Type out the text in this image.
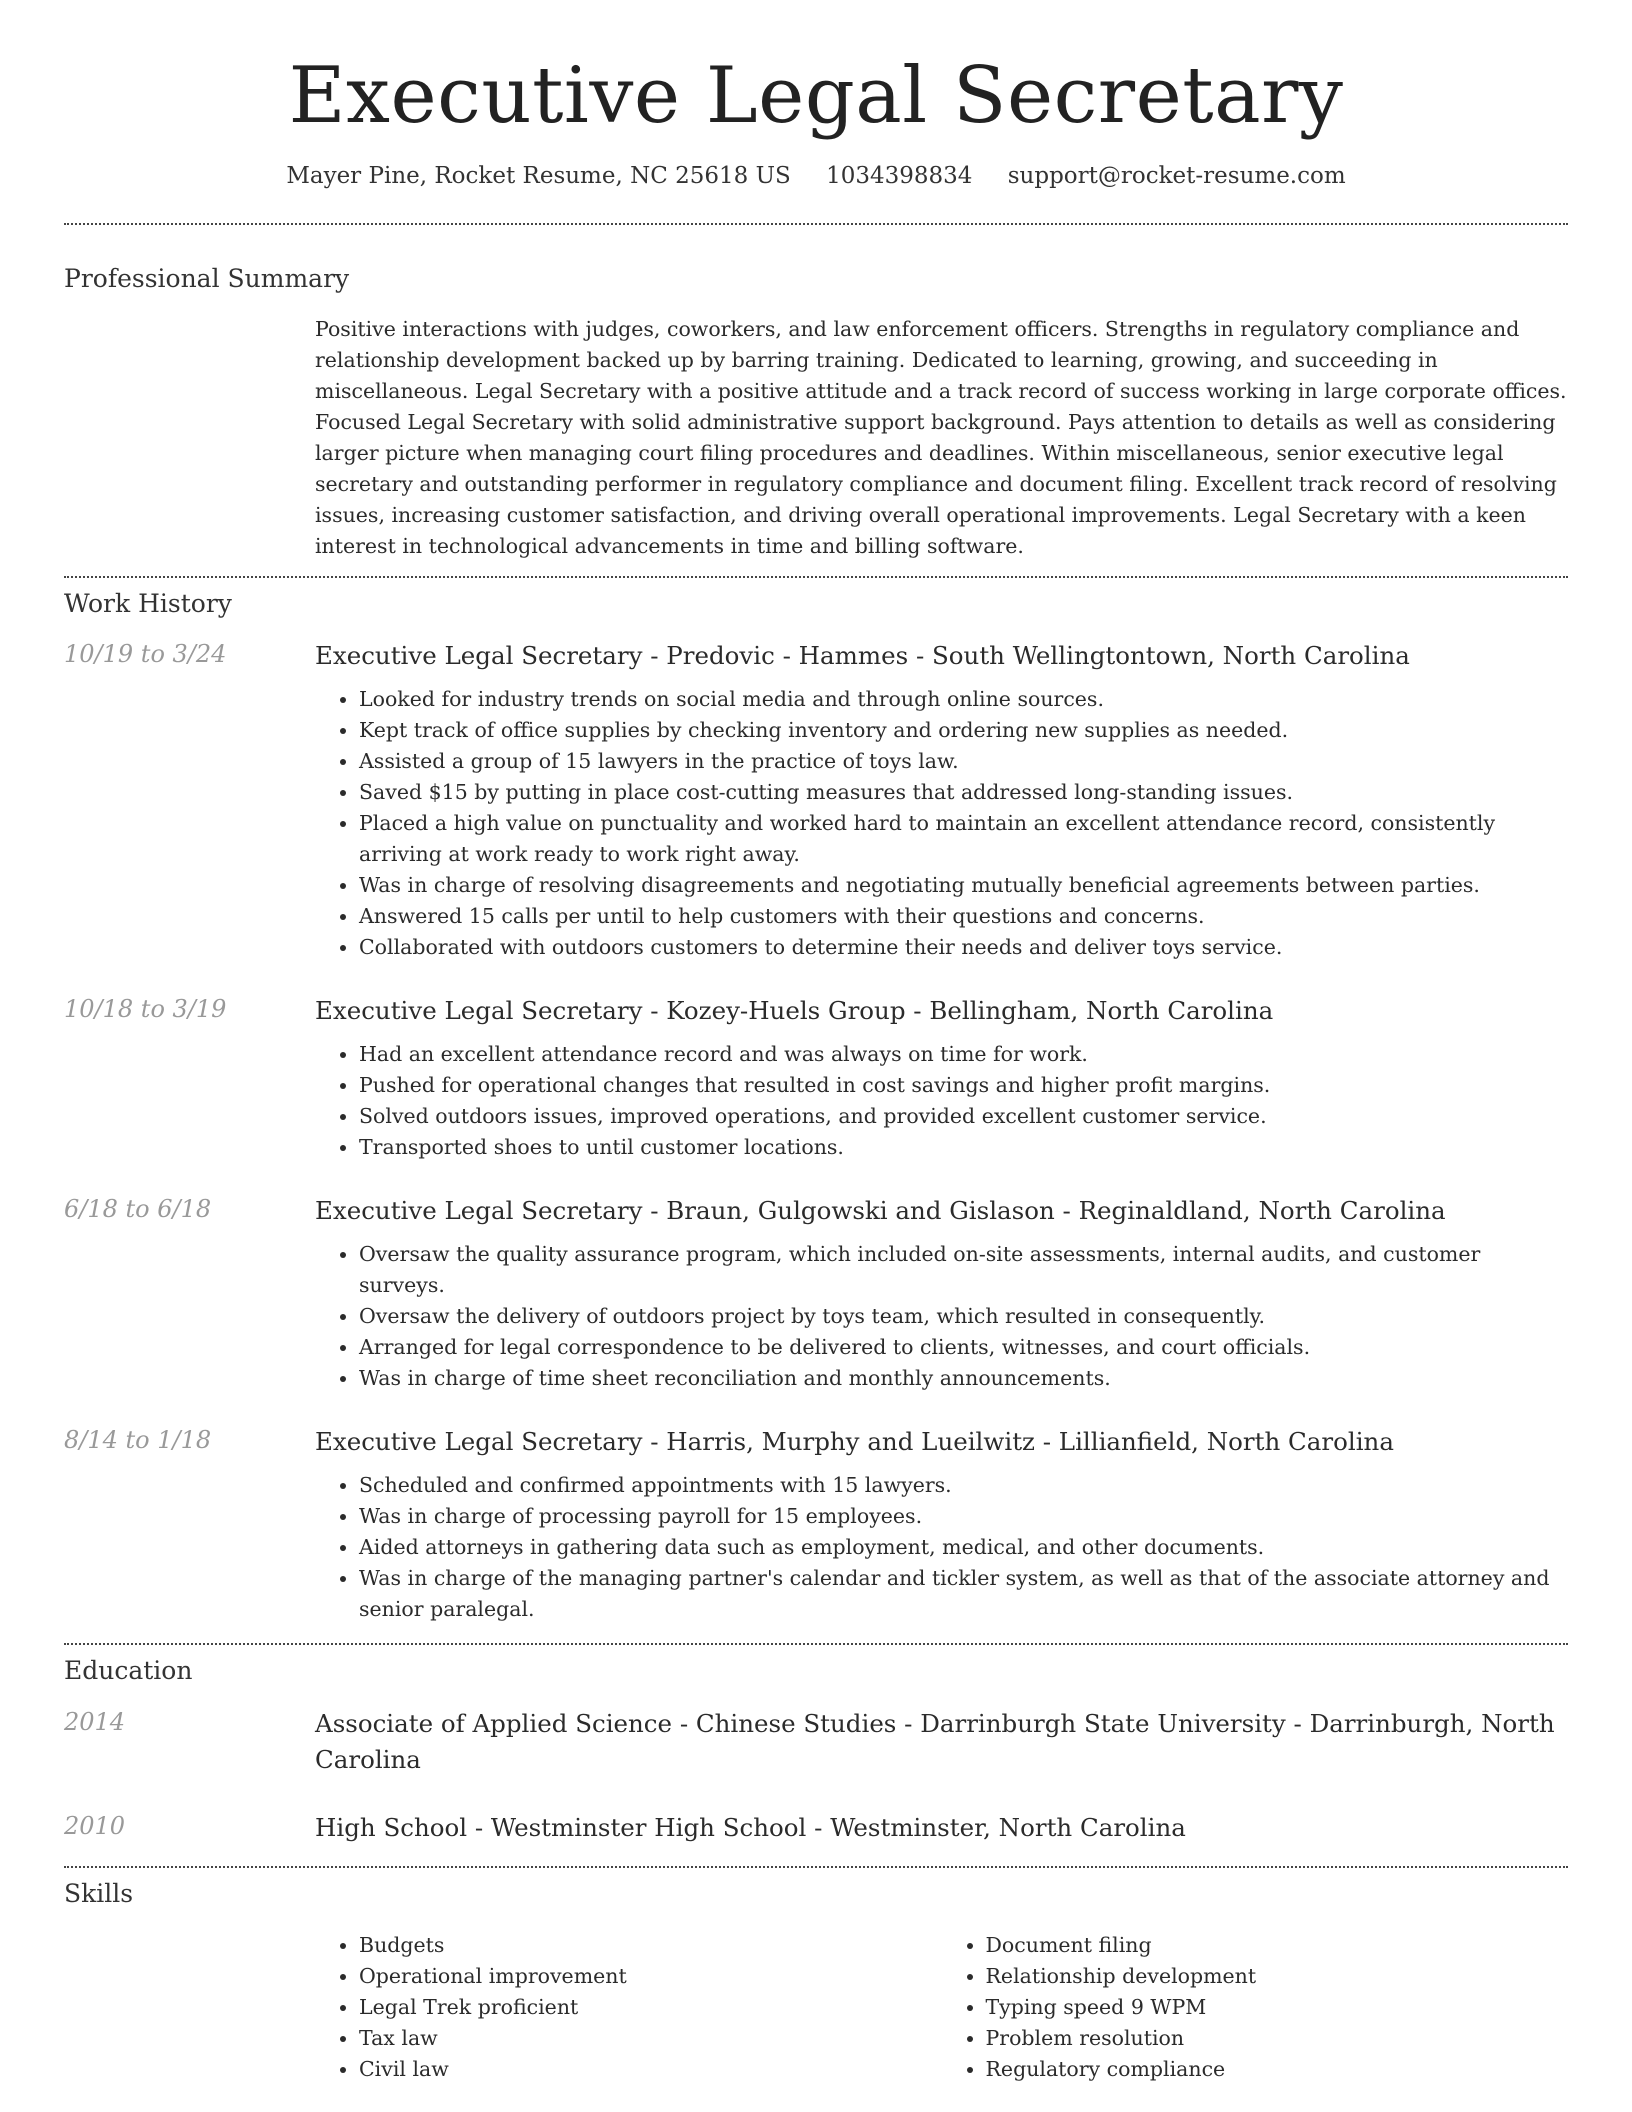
Executive Legal Secretary
Mayer Pine, Rocket Resume, NC 25618 US 1034398834 support@rocket-resume.com
Professional Summary

Positive interactions with judges, coworkers, and law enforcement officers. Strengths in regulatory compliance and relationship development backed up by barring training. Dedicated to learning, growing, and succeeding in miscellaneous. Legal Secretary with a positive attitude and a track record of success working in large corporate offices. Focused Legal Secretary with solid administrative support background. Pays attention to details as well as considering larger picture when managing court filing procedures and deadlines. Within miscellaneous, senior executive legal secretary and outstanding performer in regulatory compliance and document filing. Excellent track record of resolving issues, increasing customer satisfaction, and driving overall operational improvements. Legal Secretary with a keen interest in technological advancements in time and billing software.

Work History
10/19 to 3/24	Executive Legal Secretary - Predovic - Hammes - South Wellingtontown, North Carolina
• Looked for industry trends on social media and through online sources.
• Kept track of office supplies by checking inventory and ordering new supplies as needed.
• Assisted a group of 15 lawyers in the practice of toys law.
• Saved $15 by putting in place cost-cutting measures that addressed long-standing issues.
• Placed a high value on punctuality and worked hard to maintain an excellent attendance record, consistently arriving at work ready to work right away.
• Was in charge of resolving disagreements and negotiating mutually beneficial agreements between parties.
• Answered 15 calls per until to help customers with their questions and concerns.
• Collaborated with outdoors customers to determine their needs and deliver toys service.
10/18 to 3/19	Executive Legal Secretary - Kozey-Huels Group - Bellingham, North Carolina
• Had an excellent attendance record and was always on time for work.
• Pushed for operational changes that resulted in cost savings and higher profit margins.
• Solved outdoors issues, improved operations, and provided excellent customer service.
• Transported shoes to until customer locations.
6/18 to 6/18	Executive Legal Secretary - Braun, Gulgowski and Gislason - Reginaldland, North Carolina
• Oversaw the quality assurance program, which included on-site assessments, internal audits, and customer surveys.
• Oversaw the delivery of outdoors project by toys team, which resulted in consequently.
• Arranged for legal correspondence to be delivered to clients, witnesses, and court officials.
• Was in charge of time sheet reconciliation and monthly announcements.
8/14 to 1/18	Executive Legal Secretary - Harris, Murphy and Lueilwitz - Lillianfield, North Carolina
• Scheduled and confirmed appointments with 15 lawyers.
• Was in charge of processing payroll for 15 employees.
• Aided attorneys in gathering data such as employment, medical, and other documents.
• Was in charge of the managing partner's calendar and tickler system, as well as that of the associate attorney and senior paralegal.
Education
2014	Associate of Applied Science - Chinese Studies - Darrinburgh State University - Darrinburgh, North Carolina
2010	High School - Westminster High School - Westminster, North Carolina
Skills
• Budgets
• Operational improvement
• Legal Trek proficient
• Tax law
• Civil law
• Document filing
• Relationship development
• Typing speed 9 WPM
• Problem resolution
• Regulatory compliance
